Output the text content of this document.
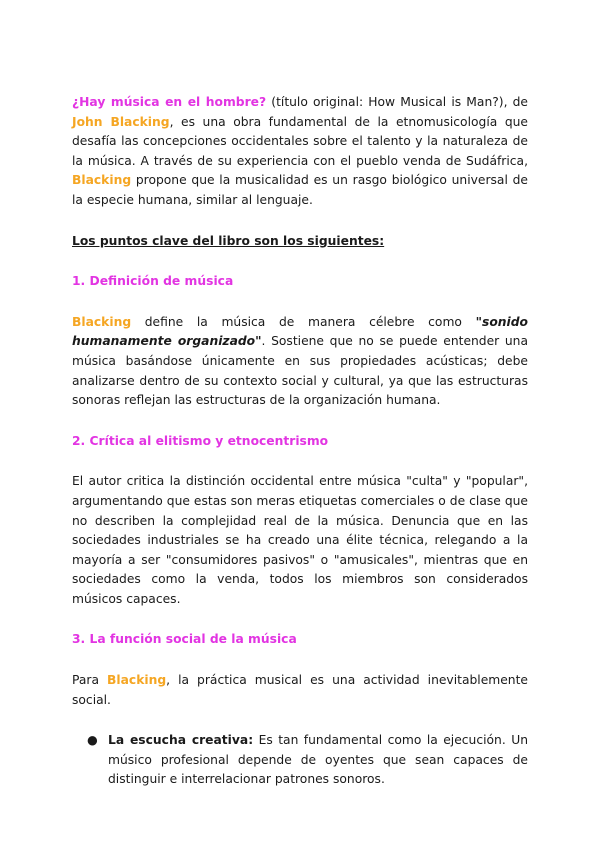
¿Hay música en el hombre? (título original: How Musical is Man?), de John Blacking, es una obra fundamental de la etnomusicología que desafía las concepciones occidentales sobre el talento y la naturaleza de la música. A través de su experiencia con el pueblo venda de Sudáfrica, Blacking propone que la musicalidad es un rasgo biológico universal de la especie humana, similar al lenguaje.

Los puntos clave del libro son los siguientes:

1. Definición de música

Blacking define la música de manera célebre como "sonido humanamente organizado". Sostiene que no se puede entender una música basándose únicamente en sus propiedades acústicas; debe analizarse dentro de su contexto social y cultural, ya que las estructuras sonoras reflejan las estructuras de la organización humana.

2. Crítica al elitismo y etnocentrismo

El autor critica la distinción occidental entre música "culta" y "popular", argumentando que estas son meras etiquetas comerciales o de clase que no describen la complejidad real de la música. Denuncia que en las sociedades industriales se ha creado una élite técnica, relegando a la mayoría a ser "consumidores pasivos" o "amusicales", mientras que en sociedades como la venda, todos los miembros son considerados músicos capaces.

3. La función social de la música

Para Blacking, la práctica musical es una actividad inevitablemente social.

● La escucha creativa: Es tan fundamental como la ejecución. Un músico profesional depende de oyentes que sean capaces de distinguir e interrelacionar patrones sonoros.
